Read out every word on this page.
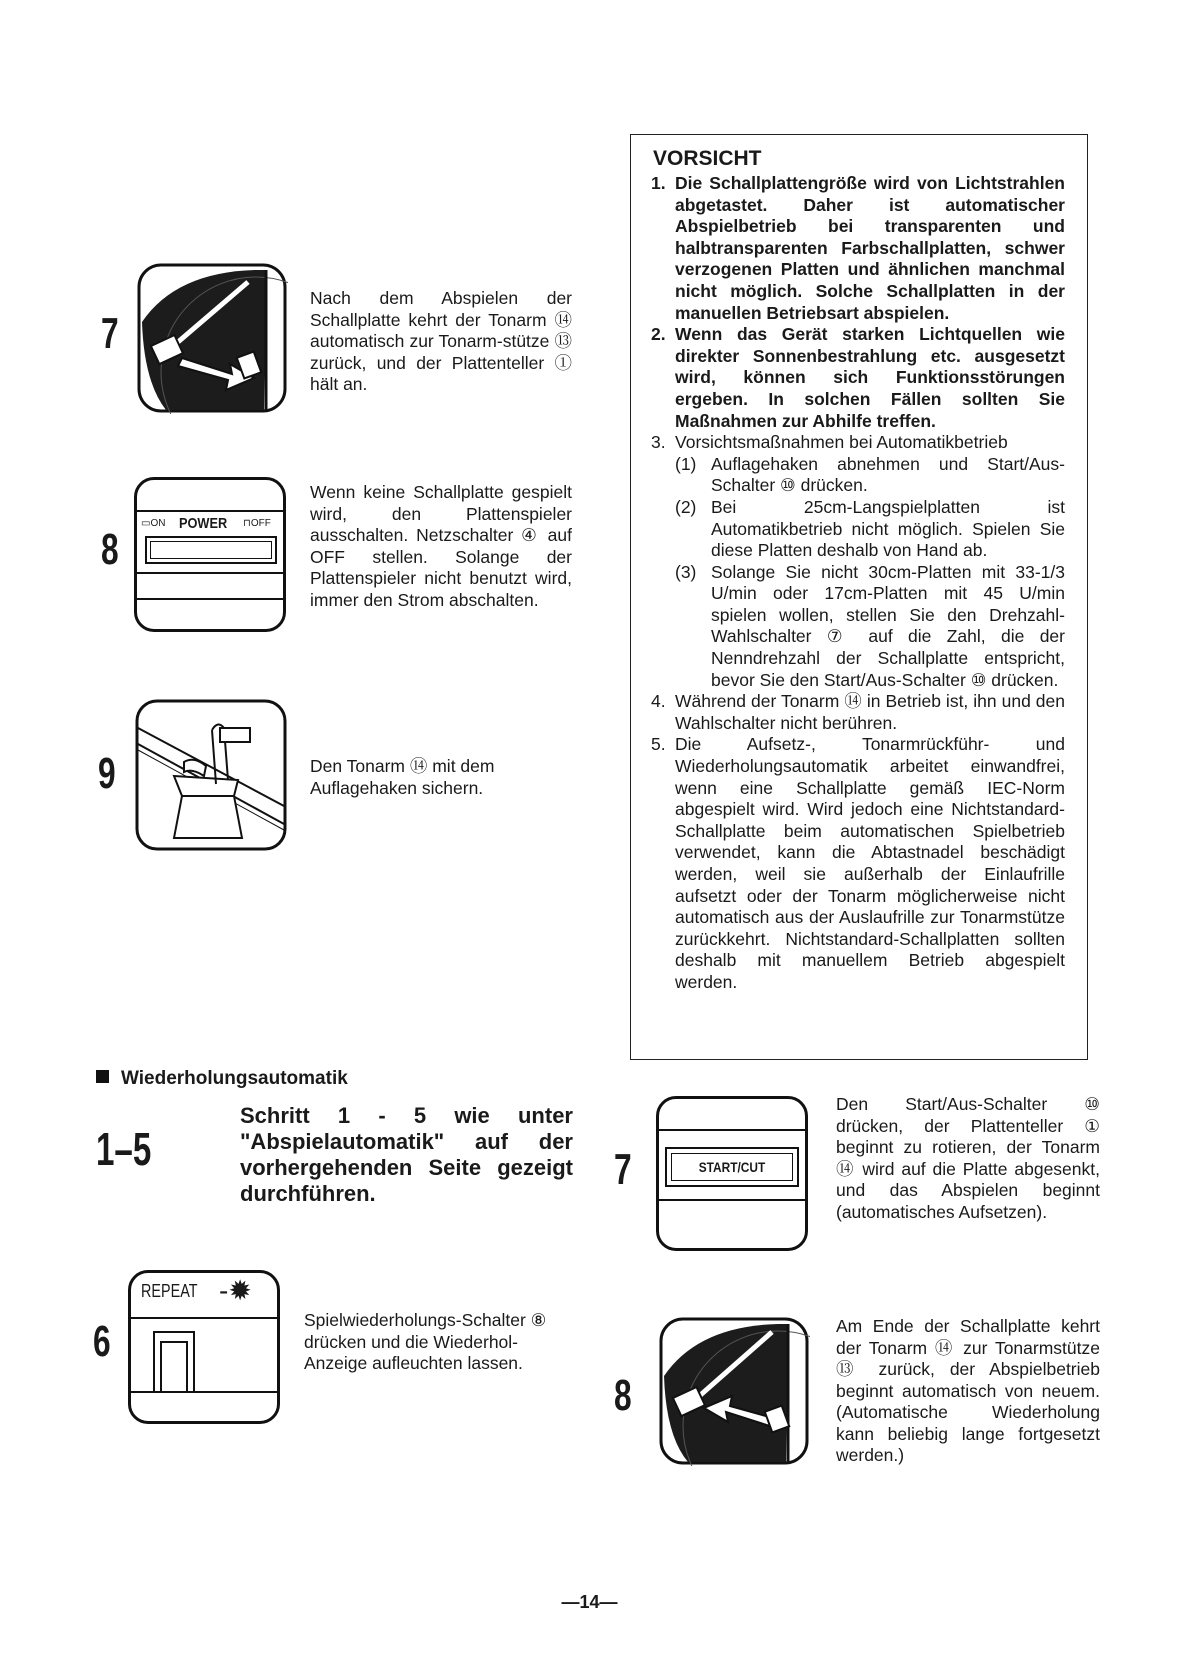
7
Nach dem Abspielen der Schallplatte kehrt der Tonarm ⑭ automatisch zur Tonarm-stütze ⑬ zurück, und der Plattenteller ① hält an.
8
▭ON POWER ⊓OFF
Wenn keine Schallplatte gespielt wird, den Plattenspieler ausschalten. Netzschalter ④ auf OFF stellen. Solange der Plattenspieler nicht benutzt wird, immer den Strom abschalten.
9	Den Tonarm ⑭ mit dem Auflagehaken sichern.
VORSICHT
1. Die Schallplattengröße wird von Lichtstrahlen abgetastet. Daher ist automatischer Abspielbetrieb bei transparenten und halbtransparenten Farbschallplatten, schwer verzogenen Platten und ähnlichen manchmal nicht möglich. Solche Schallplatten in der manuellen Betriebsart abspielen.
2. Wenn das Gerät starken Lichtquellen wie direkter Sonnenbestrahlung etc. ausgesetzt wird, können sich Funktionsstörungen ergeben. In solchen Fällen sollten Sie Maßnahmen zur Abhilfe treffen.
3. Vorsichtsmaßnahmen bei Automatikbetrieb
(1) Auflagehaken abnehmen und Start/Aus-Schalter ⑩ drücken.
(2) Bei 25cm-Langspielplatten ist Automatikbetrieb nicht möglich. Spielen Sie diese Platten deshalb von Hand ab.
(3) Solange Sie nicht 30cm-Platten mit 33-1/3 U/min oder 17cm-Platten mit 45 U/min spielen wollen, stellen Sie den Drehzahl-Wahlschalter ⑦ auf die Zahl, die der Nenndrehzahl der Schallplatte entspricht, bevor Sie den Start/Aus-Schalter ⑩ drücken.
4. Während der Tonarm ⑭ in Betrieb ist, ihn und den Wahlschalter nicht berühren.
5. Die Aufsetz-, Tonarmrückführ- und Wiederholungsautomatik arbeitet einwandfrei, wenn eine Schallplatte gemäß IEC-Norm abgespielt wird. Wird jedoch eine Nichtstandard-Schallplatte beim automatischen Spielbetrieb verwendet, kann die Abtastnadel beschädigt werden, weil sie außerhalb der Einlaufrille aufsetzt oder der Tonarm möglicherweise nicht automatisch aus der Auslaufrille zur Tonarmstütze zurückkehrt. Nichtstandard-Schallplatten sollten deshalb mit manuellem Betrieb abgespielt werden.
Wiederholungsautomatik
1–5
Schritt 1 - 5 wie unter "Abspielautomatik" auf der vorhergehenden Seite gezeigt durchführen.
6
REPEAT -✹
Spielwiederholungs-Schalter ⑧ drücken und die Wiederhol-Anzeige aufleuchten lassen.
7	START/CUT
Den Start/Aus-Schalter ⑩ drücken, der Plattenteller ① beginnt zu rotieren, der Tonarm ⑭ wird auf die Platte abgesenkt, und das Abspielen beginnt (automatisches Aufsetzen).
8
Am Ende der Schallplatte kehrt der Tonarm ⑭ zur Tonarmstütze ⑬ zurück, der Abspielbetrieb beginnt automatisch von neuem. (Automatische Wiederholung kann beliebig lange fortgesetzt werden.)
—14—
